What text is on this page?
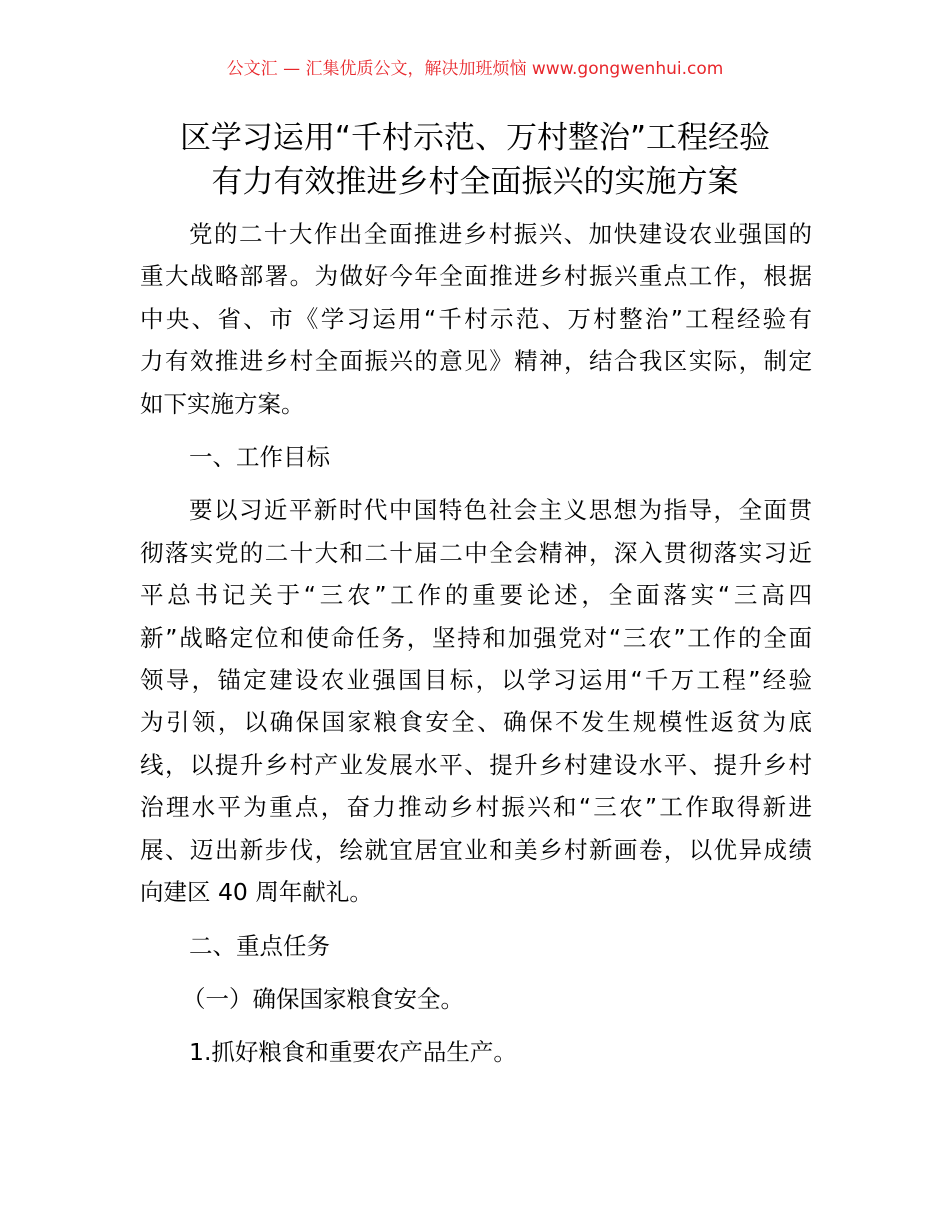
公文汇 — 汇集优质公文，解决加班烦恼 www.gongwenhui.com
区学习运用“千村示范、万村整治”工程经验
有力有效推进乡村全面振兴的实施方案
党的二十大作出全面推进乡村振兴、加快建设农业强国的
重大战略部署。为做好今年全面推进乡村振兴重点工作，根据
中央、省、市《学习运用“千村示范、万村整治”工程经验有
力有效推进乡村全面振兴的意见》精神，结合我区实际，制定
如下实施方案。
一、工作目标
要以习近平新时代中国特色社会主义思想为指导，全面贯
彻落实党的二十大和二十届二中全会精神，深入贯彻落实习近
平总书记关于“三农”工作的重要论述，全面落实“三高四
新”战略定位和使命任务，坚持和加强党对“三农”工作的全面
领导，锚定建设农业强国目标，以学习运用“千万工程”经验
为引领，以确保国家粮食安全、确保不发生规模性返贫为底
线，以提升乡村产业发展水平、提升乡村建设水平、提升乡村
治理水平为重点，奋力推动乡村振兴和“三农”工作取得新进
展、迈出新步伐，绘就宜居宜业和美乡村新画卷，以优异成绩
向建区 40 周年献礼。
二、重点任务
（一）确保国家粮食安全。
1.抓好粮食和重要农产品生产。
